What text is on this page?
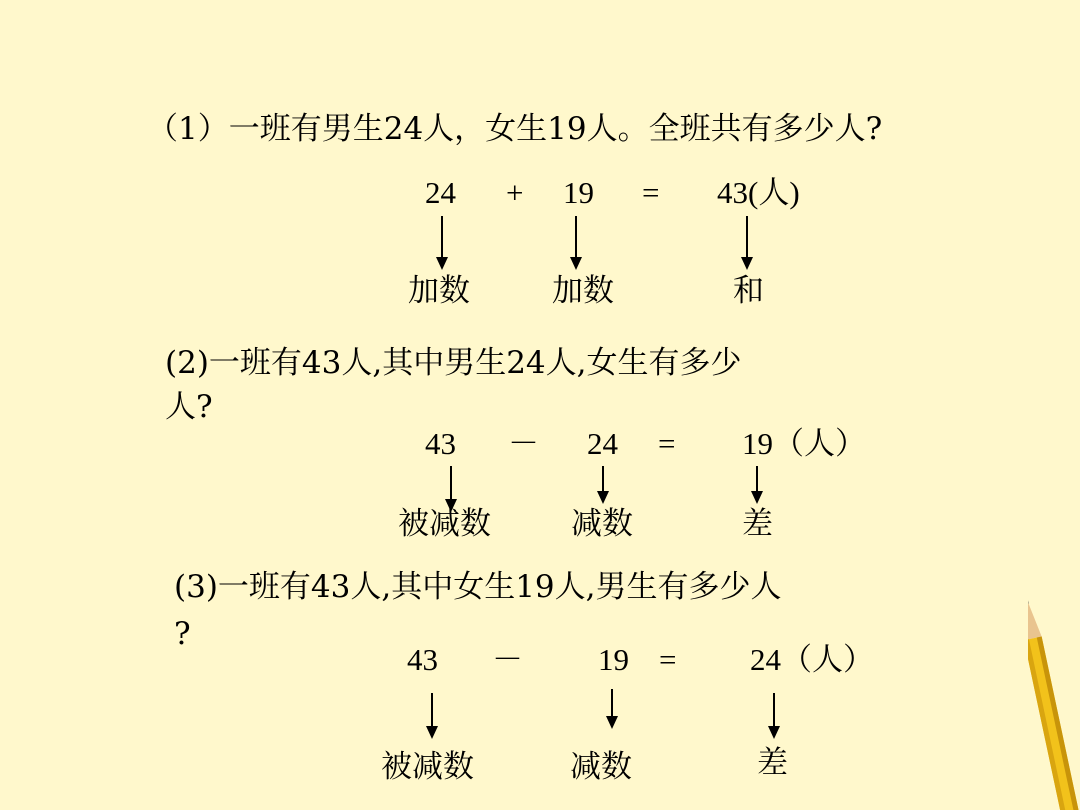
（1）一班有男生24人，女生19人。全班共有多少人?
24 + 19 = 43(人)
加数	加数	和
(2)一班有43人,其中男生24人,女生有多少
人?
43 － 24 = 19（人）
被减数	减数	差
(3)一班有43人,其中女生19人,男生有多少人
?
43 － 19 = 24（人）
被减数	减数	差
